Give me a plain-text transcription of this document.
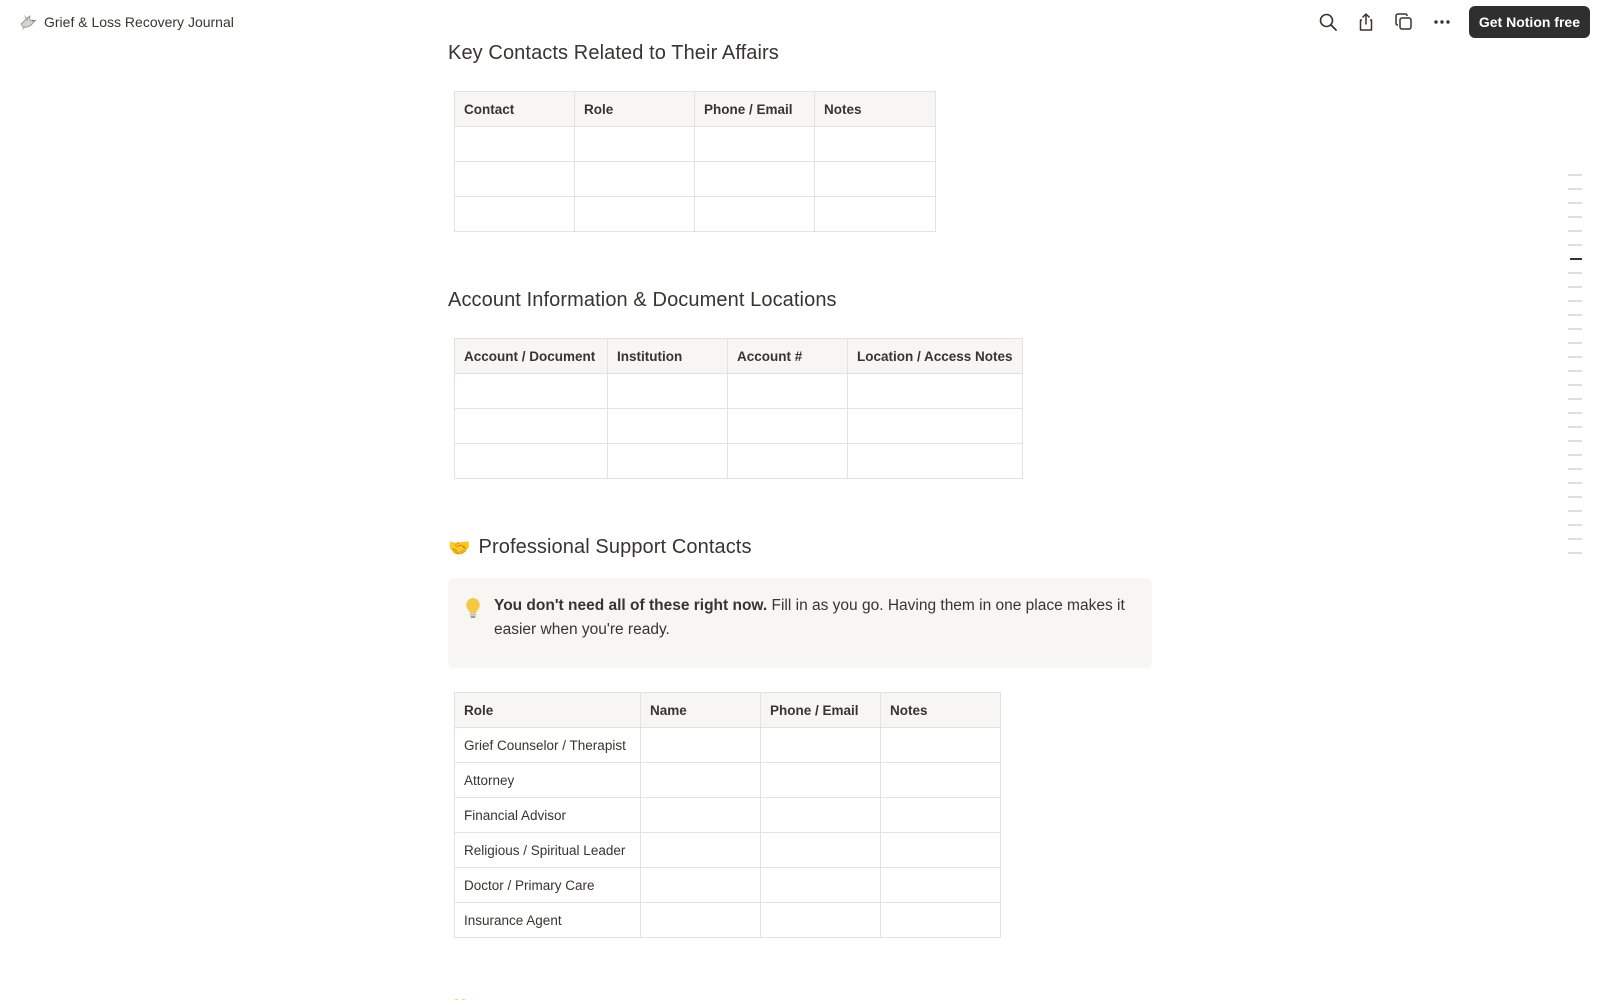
Grief & Loss Recovery Journal	Get Notion free
Key Contacts Related to Their Affairs
Contact	Role	Phone / Email	Notes

Account Information & Document Locations
Account / Document	Institution	Account #	Location / Access Notes

🤝 Professional Support Contacts
You don't need all of these right now. Fill in as you go. Having them in one place makes it easier when you're ready.
Role	Name	Phone / Email	Notes
Grief Counselor / Therapist			
Attorney			
Financial Advisor			
Religious / Spiritual Leader			
Doctor / Primary Care			
Insurance Agent			
